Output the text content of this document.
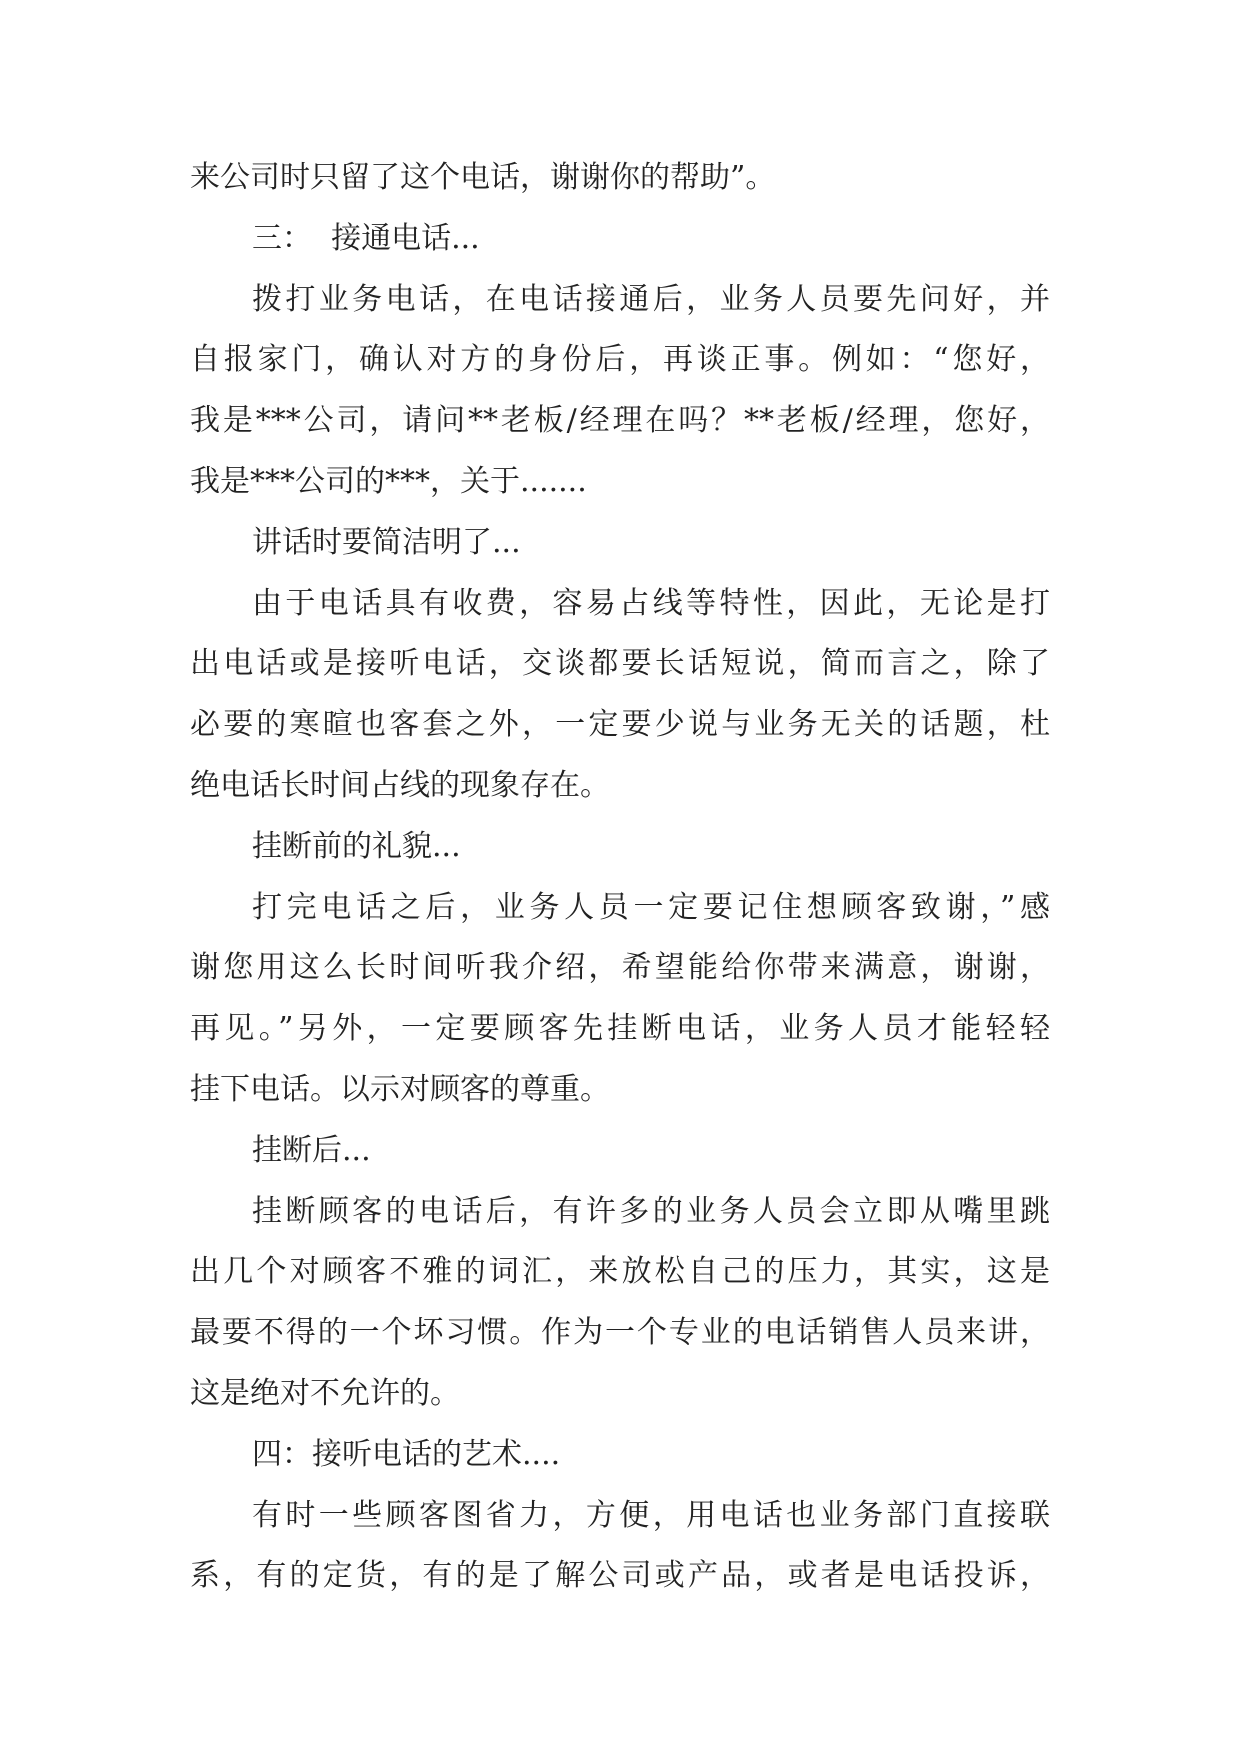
来公司时只留了这个电话，谢谢你的帮助”。
三：  接通电话...
拨打业务电话，在电话接通后，业务人员要先问好，并
自报家门，确认对方的身份后，再谈正事。例如：“您好，
我是***公司，请问**老板/经理在吗？**老板/经理，您好，
我是***公司的***，关于.......
讲话时要简洁明了...
由于电话具有收费，容易占线等特性，因此，无论是打
出电话或是接听电话，交谈都要长话短说，简而言之，除了
必要的寒暄也客套之外，一定要少说与业务无关的话题，杜
绝电话长时间占线的现象存在。
挂断前的礼貌...
打完电话之后，业务人员一定要记住想顾客致谢，”感
谢您用这么长时间听我介绍，希望能给你带来满意，谢谢，
再见。”另外，一定要顾客先挂断电话，业务人员才能轻轻
挂下电话。以示对顾客的尊重。
挂断后...
挂断顾客的电话后，有许多的业务人员会立即从嘴里跳
出几个对顾客不雅的词汇，来放松自己的压力，其实，这是
最要不得的一个坏习惯。作为一个专业的电话销售人员来讲，
这是绝对不允许的。
四：接听电话的艺术....
有时一些顾客图省力，方便，用电话也业务部门直接联
系，有的定货，有的是了解公司或产品，或者是电话投诉，
